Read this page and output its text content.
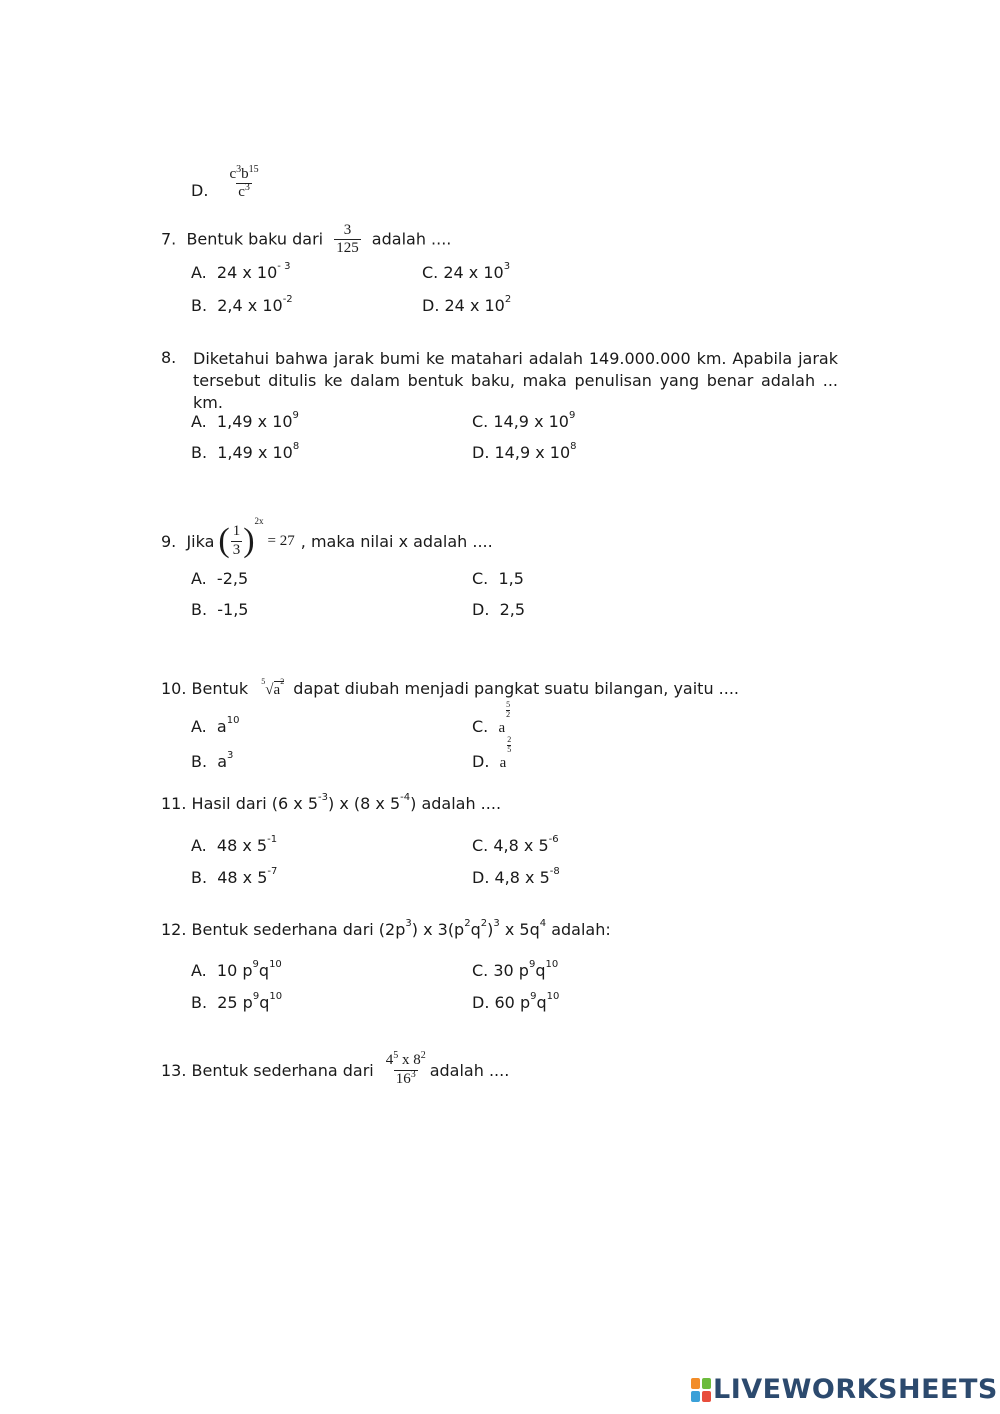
D. $\frac{c^3b^{15}}{c^3}$
7. Bentuk baku dari $\frac{3}{125}$ adalah ....
A. 24 x $10^{- 3}$	C. 24 x $10^3$
B. 2,4 x $10^{-2}$	D. 24 x $10^2$
8. Diketahui bahwa jarak bumi ke matahari adalah 149.000.000 km. Apabila jarak tersebut ditulis ke dalam bentuk baku, maka penulisan yang benar adalah ... km.
A. 1,49 x $10^9$	C. 14,9 x $10^9$
B. 1,49 x $10^8$	D. 14,9 x $10^8$
9.
Jika ( $\frac{1}{3}$ )
2x
= 27 , maka nilai x adalah ....
A. -2,5	C. 1,5
B. -1,5	D. 2,5
10. Bentuk $^5√a^2$ dapat diubah menjadi pangkat suatu bilangan, yaitu ....
A. $a^{10}$	C. a
$\frac{5}{2}$
B. $a^3$	D. a
$\frac{2}{5}$
11. Hasil dari (6 x $5^{-3}$) x (8 x $5^{-4}$) adalah ....
A. 48 x $5^{-1}$	C. 4,8 x $5^{-6}$
B. 48 x $5^{-7}$	D. 4,8 x $5^{-8}$
12. Bentuk sederhana dari $(2p^3)$ x $3(p^2q^2)^3$ x $5q^4$ adalah:
A. 10 $p^9q^{10}$	C. 30 $p^9q^{10}$
B. 25 $p^9q^{10}$	D. 60 $p^9q^{10}$
13.
Bentuk sederhana dari $\frac{4^5 x 8^2}{16^3}$ adalah ....
LIVEWORKSHEETS
